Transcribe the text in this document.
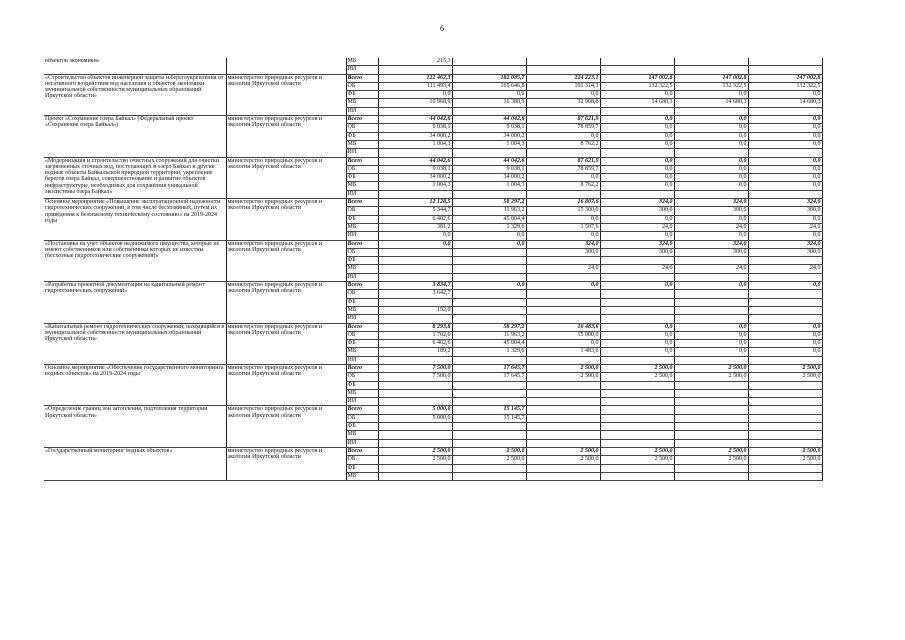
6
объектов экономики»		МБ	215,3					
		ИИ						
«Строительство объектов инженерной защиты и берегоукрепления от негативного воздействия вод населения и объектов экономики муниципальной собственности муниципальных образований Иркутской области»	министерство природных ресурсов и экологии Иркутской области	Всего	122 462,3	182 035,7	224 223,1	147 002,8	147 002,8	147 002,8
		ОБ	111 493,4	165 646,8	191 314,3	132 322,5	132 322,5	132 322,5
		ФБ	0,0	0,0	0,0	0,0	0,0	0,0
		МБ	10 968,9	16 388,9	32 908,8	14 680,3	14 680,3	14 680,3
		ИИ						
Проект «Сохранение озера Байкал» (Федеральный проект «Сохранение озера Байкал»)	министерство природных ресурсов и экологии Иркутской области	Всего	44 042,6	44 042,6	87 621,9	0,0	0,0	0,0
		ОБ	9 038,1	9 038,1	78 859,7	0,0	0,0	0,0
		ФБ	34 000,2	34 000,2	0,0	0,0	0,0	0,0
		МБ	1 004,3	1 004,3	8 762,2	0,0	0,0	0,0
		ИИ						
«Модернизация и строительство очистных сооружений для очистки загрязненных сточных вод, поступающих в озеро Байкал и другие водные объекты Байкальской природной территории, укрепление берегов озера Байкал, совершенствование и развитие объектов инфраструктуры, необходимых для сохранения уникальной экосистемы озера Байкал»	министерство природных ресурсов и экологии Иркутской области	Всего	44 042,6	44 042,6	87 621,9	0,0	0,0	0,0
		ОБ	9 038,1	9 038,1	78 859,7	0,0	0,0	0,0
		ФБ	34 000,2	34 000,2	0,0	0,0	0,0	0,0
		МБ	1 004,3	1 004,3	8 762,2	0,0	0,0	0,0
		ИИ						
Основное мероприятие «Повышение эксплуатационной надежности гидротехнических сооружений, в том числе бесхозяйных, путем их приведения к безопасному техническому состоянию» на 2019-2024 годы	министерство природных ресурсов и экологии Иркутской области	Всего	12 128,5	58 297,2	16 807,6	324,0	324,0	324,0
		ОБ	5 344,7	11 963,2	15 300,0	300,0	300,0	300,0
		ФБ	6 402,6	45 004,4	0,0	0,0	0,0	0,0
		МБ	381,2	1 329,6	1 507,6	24,0	24,0	24,0
		ИИ	0,0	0,0	0,0	0,0	0,0	0,0
«Постановка на учет объектов недвижимого имущества, которые не имеют собственников или собственники которых не известны (бесхозные гидротехнические сооружения)»	министерство природных ресурсов и экологии Иркутской области	Всего	0,0	0,0	324,0	324,0	324,0	324,0
		ОБ			300,0	300,0	300,0	300,0
		ФБ						
		МБ			24,0	24,0	24,0	24,0
		ИИ						
«Разработка проектной документации на капитальный ремонт гидротехнических сооружений»	министерство природных ресурсов и экологии Иркутской области	Всего	3 834,7	0,0	0,0	0,0	0,0	0,0
		ОБ	3 642,7					
		ФБ						
		МБ	192,0					
		ИИ						
«Капитальный ремонт гидротехнических сооружений, находящийся в муниципальной собственности муниципальных образований Иркутской области»	министерство природных ресурсов и экологии Иркутской области	Всего	8 293,8	58 297,2	16 483,6	0,0	0,0	0,0
		ОБ	1 702,0	11 963,2	15 000,0	0,0	0,0	0,0
		ФБ	6 402,6	45 004,4	0,0	0,0	0,0	0,0
		МБ	189,2	1 329,6	1 483,6	0,0	0,0	0,0
		ИИ						
Основное мероприятие «Обеспечение государственного мониторинга водных объектов» на 2019-2024 годы	министерство природных ресурсов и экологии Иркутской области	Всего	7 500,0	17 645,7	2 500,0	2 500,0	2 500,0	2 500,0
		ОБ	7 500,0	17 645,7	2 500,0	2 500,0	2 500,0	2 500,0
		ФБ						
		МБ						
		ИИ						
«Определение границ зон затопления, подтопления территории Иркутской области»	министерство природных ресурсов и экологии Иркутской области	Всего	5 000,0	15 145,7				
		ОБ	5 000,0	15 145,7				
		ФБ						
		МБ						
		ИИ						
«Государственный мониторинг водных объектов»	министерство природных ресурсов и экологии Иркутской области	Всего	2 500,0	2 500,0	2 500,0	2 500,0	2 500,0	2 500,0
		ОБ	2 500,0	2 500,0	2 500,0	2 500,0	2 500,0	2 500,0
		ФБ						
		МБ						
